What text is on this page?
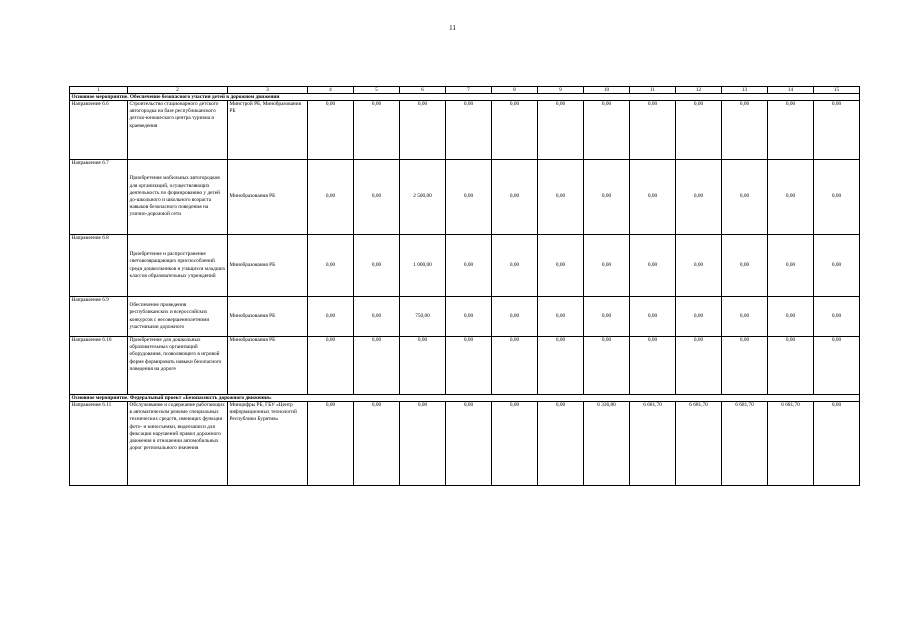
11
1	2	3	4	5	6	7	8	9	10	11	12	13	14	15
Основное мероприятие. Обеспечение безопасного участия детей в дорожном движении														
Направление 6.6	Строительство стационарного детского автогородка на базе республиканского детско-юношеского центра туризма и краеведения	Минстрой РБ, Минобразования РБ	0,00	0,00	0,00	0,00	0,00	0,00	0,00	0,00	0,00	0,00	0,00	0,00
Направление 6.7	Приобретение мобильных автогородков для организаций, осуществляющих деятельность по формированию у детей до-школьного и школьного возраста навыков безопасного поведения на улично-дорожной сети	Минобразования РБ	0,00	0,00	2 500,00	0,00	0,00	0,00	0,00	0,00	0,00	0,00	0,00	0,00
Направление 6.8	Приобретение и распространение световозвращающих приспособлений среди дошкольников и учащихся младших классов образовательных учреждений	Минобразования РБ	0,00	0,00	1 000,00	0,00	0,00	0,00	0,00	0,00	0,00	0,00	0,00	0,00
Направление 6.9	Обеспечение проведения республиканских и всероссийских конкурсов с несовершеннолетними участниками дорожного	Минобразования РБ	0,00	0,00	750,00	0,00	0,00	0,00	0,00	0,00	0,00	0,00	0,00	0,00
Направление 6.10	Приобретение для дошкольных образовательных организаций оборудования, позволяющего в игровой форме формировать навыки безопасного поведения на дороге	Минобразования РБ	0,00	0,00	0,00	0,00	0,00	0,00	0,00	0,00	0,00	0,00	0,00	0,00
Основное мероприятие. Федеральный проект «Безопасность дорожного движения»														
Направление 6.11	Обслуживание и содержание работающих в автоматическом режиме специальных технических средств, имеющих функции фото- и киносъемки, видеозаписи для фиксации нарушений правил дорожного движения в отношении автомобильных дорог регионального значения	Минцифры РБ, ГБУ «Центр информационных технологий Республики Бурятия»	0,00	0,00	0,00	0,00	0,00	0,00	6 336,80	6 681,70	6 681,70	6 681,70	6 681,70	0,00
